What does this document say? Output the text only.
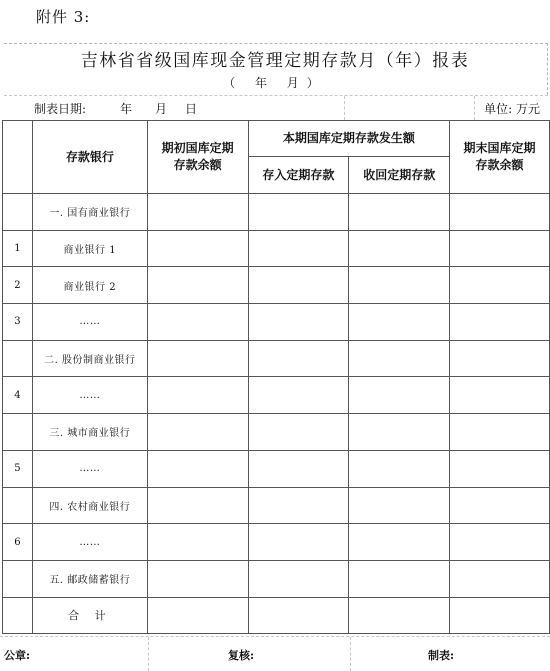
附件 3:
吉林省省级国库现金管理定期存款月（年）报表
（ 年 月）
制表日期:	年 月 日	单位: 万元
	存款银行	期初国库定期存款余额	本期国库定期存款发生额		期末国库定期存款余额
			存入定期存款	收回定期存款	
	一. 国有商业银行				
1	商业银行 1				
2	商业银行 2				
3	……				
	二. 股份制商业银行				
4	……				
	三. 城市商业银行				
5	……				
	四. 农村商业银行				
6	……				
	五. 邮政储蓄银行				
	合 计				
公章:	复核:	制表:
